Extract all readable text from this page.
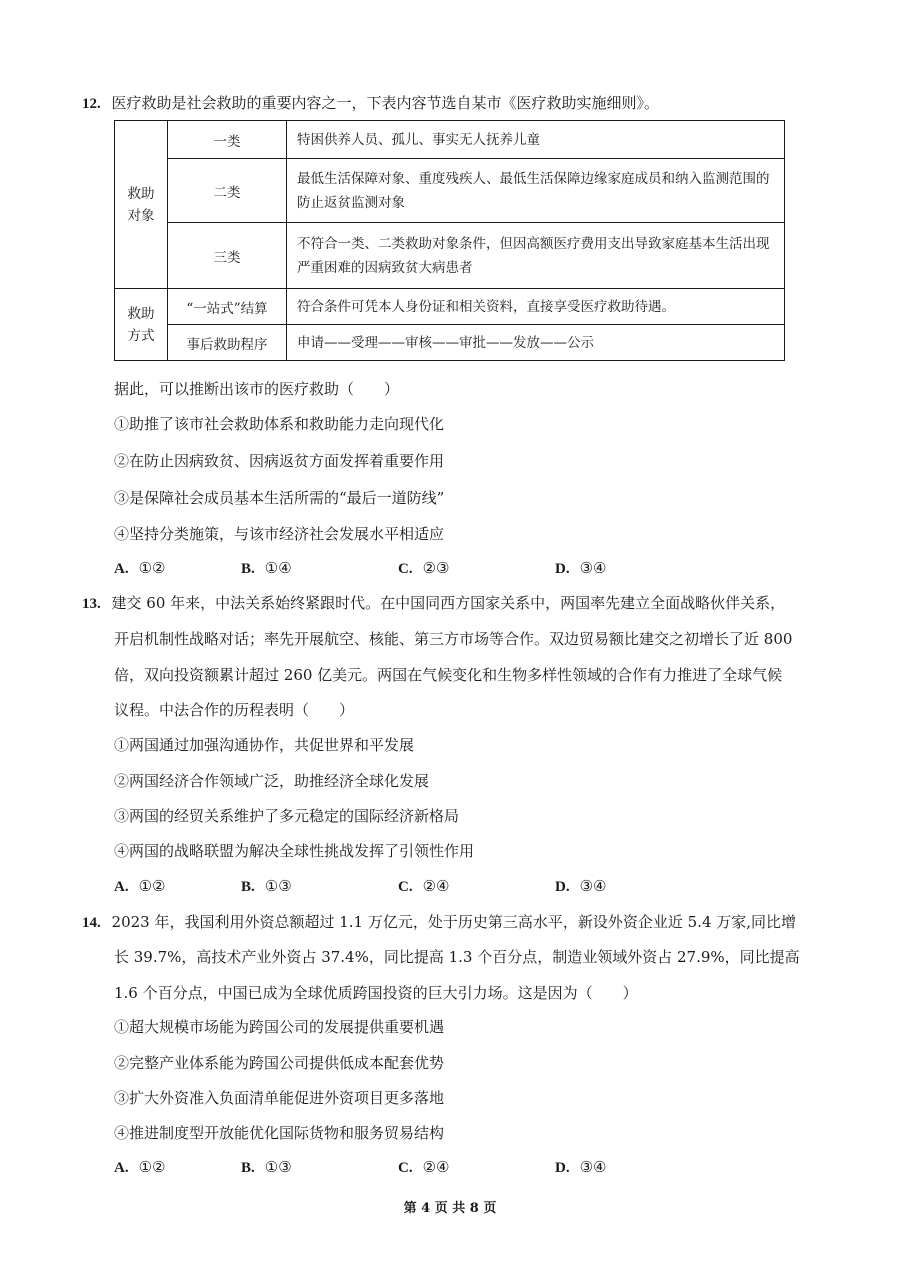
12. 医疗救助是社会救助的重要内容之一，下表内容节选自某市《医疗救助实施细则》。
救助
对象	一类	特困供养人员、孤儿、事实无人抚养儿童
	二类	最低生活保障对象、重度残疾人、最低生活保障边缘家庭成员和纳入监测范围的防止返贫监测对象
	三类	不符合一类、二类救助对象条件，但因高额医疗费用支出导致家庭基本生活出现严重困难的因病致贫大病患者
救助
方式	“一站式”结算	符合条件可凭本人身份证和相关资料，直接享受医疗救助待遇。
	事后救助程序	申请——受理——审核——审批——发放——公示
据此，可以推断出该市的医疗救助（　　）
①助推了该市社会救助体系和救助能力走向现代化
②在防止因病致贫、因病返贫方面发挥着重要作用
③是保障社会成员基本生活所需的“最后一道防线”
④坚持分类施策，与该市经济社会发展水平相适应
A. ①②	B. ①④	C. ②③	D. ③④
13. 建交 60 年来，中法关系始终紧跟时代。在中国同西方国家关系中，两国率先建立全面战略伙伴关系，
开启机制性战略对话；率先开展航空、核能、第三方市场等合作。双边贸易额比建交之初增长了近 800
倍，双向投资额累计超过 260 亿美元。两国在气候变化和生物多样性领域的合作有力推进了全球气候
议程。中法合作的历程表明（　　）
①两国通过加强沟通协作，共促世界和平发展
②两国经济合作领域广泛，助推经济全球化发展
③两国的经贸关系维护了多元稳定的国际经济新格局
④两国的战略联盟为解决全球性挑战发挥了引领性作用
A. ①②	B. ①③	C. ②④	D. ③④
14. 2023 年，我国利用外资总额超过 1.1 万亿元，处于历史第三高水平，新设外资企业近 5.4 万家,同比增
长 39.7%，高技术产业外资占 37.4%，同比提高 1.3 个百分点，制造业领域外资占 27.9%，同比提高
1.6 个百分点，中国已成为全球优质跨国投资的巨大引力场。这是因为（　　）
①超大规模市场能为跨国公司的发展提供重要机遇
②完整产业体系能为跨国公司提供低成本配套优势
③扩大外资准入负面清单能促进外资项目更多落地
④推进制度型开放能优化国际货物和服务贸易结构
A. ①②	B. ①③	C. ②④	D. ③④
第 4 页 共 8 页
